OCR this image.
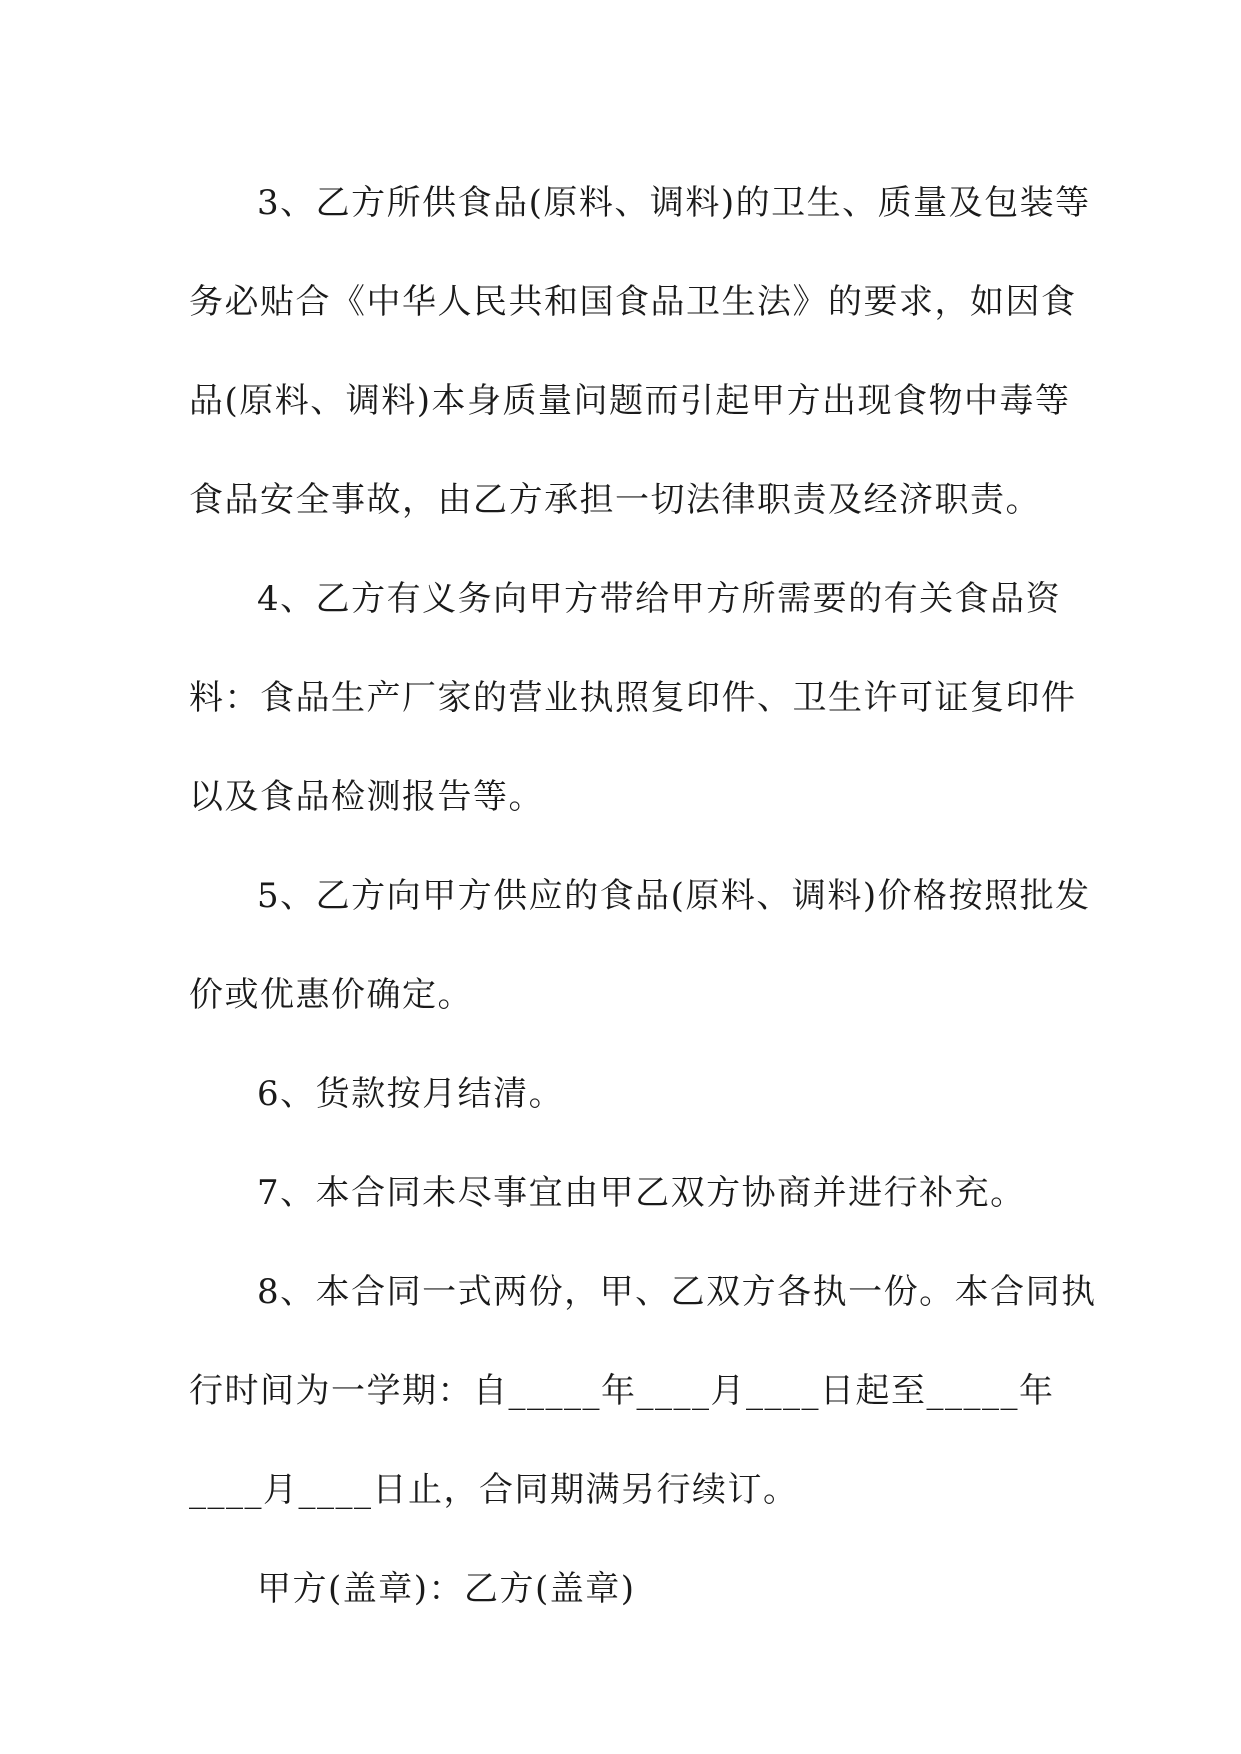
3、乙方所供食品(原料、调料)的卫生、质量及包装等
务必贴合《中华人民共和国食品卫生法》的要求，如因食
品(原料、调料)本身质量问题而引起甲方出现食物中毒等
食品安全事故，由乙方承担一切法律职责及经济职责。
4、乙方有义务向甲方带给甲方所需要的有关食品资
料：食品生产厂家的营业执照复印件、卫生许可证复印件
以及食品检测报告等。
5、乙方向甲方供应的食品(原料、调料)价格按照批发
价或优惠价确定。
6、货款按月结清。
7、本合同未尽事宜由甲乙双方协商并进行补充。
8、本合同一式两份，甲、乙双方各执一份。本合同执
行时间为一学期：自_____年____月____日起至_____年
____月____日止，合同期满另行续订。
甲方(盖章)：乙方(盖章)
